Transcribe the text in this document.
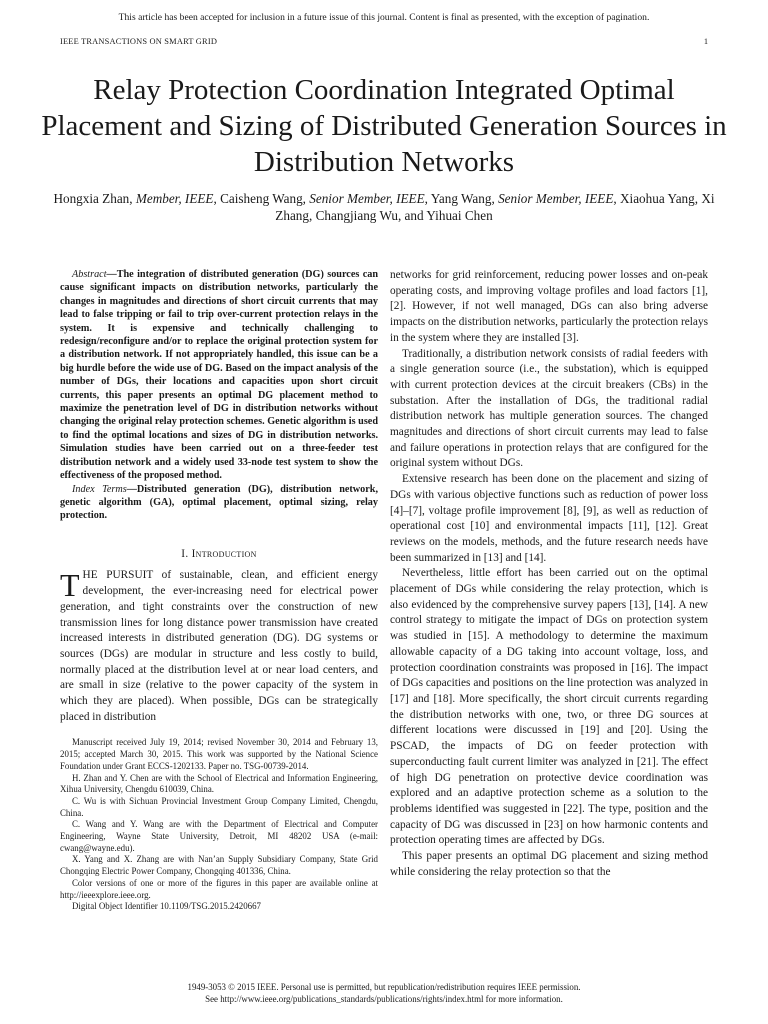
This article has been accepted for inclusion in a future issue of this journal. Content is final as presented, with the exception of pagination.
IEEE TRANSACTIONS ON SMART GRID	1
Relay Protection Coordination Integrated Optimal Placement and Sizing of Distributed Generation Sources in Distribution Networks
Hongxia Zhan, Member, IEEE, Caisheng Wang, Senior Member, IEEE, Yang Wang, Senior Member, IEEE, Xiaohua Yang, Xi Zhang, Changjiang Wu, and Yihuai Chen

Abstract—The integration of distributed generation (DG) sources can cause significant impacts on distribution networks, particularly the changes in magnitudes and directions of short circuit currents that may lead to false tripping or fail to trip over-current protection relays in the system. It is expensive and technically challenging to redesign/reconfigure and/or to replace the original protection system for a distribution network. If not appropriately handled, this issue can be a big hurdle before the wide use of DG. Based on the impact analysis of the number of DGs, their locations and capacities upon short circuit currents, this paper presents an optimal DG placement method to maximize the penetration level of DG in distribution networks without changing the original relay protection schemes. Genetic algorithm is used to find the optimal locations and sizes of DG in distribution networks. Simulation studies have been carried out on a three-feeder test distribution network and a widely used 33-node test system to show the effectiveness of the proposed method.

Index Terms—Distributed generation (DG), distribution network, genetic algorithm (GA), optimal placement, optimal sizing, relay protection.

I. Introduction

THE PURSUIT of sustainable, clean, and efficient energy development, the ever-increasing need for electrical power generation, and tight constraints over the construction of new transmission lines for long distance power transmission have created increased interests in distributed generation (DG). DG systems or sources (DGs) are modular in structure and less costly to build, normally placed at the distribution level at or near load centers, and are small in size (relative to the power capacity of the system in which they are placed). When possible, DGs can be strategically placed in distribution

Manuscript received July 19, 2014; revised November 30, 2014 and February 13, 2015; accepted March 30, 2015. This work was supported by the National Science Foundation under Grant ECCS-1202133. Paper no. TSG-00739-2014.

H. Zhan and Y. Chen are with the School of Electrical and Information Engineering, Xihua University, Chengdu 610039, China.

C. Wu is with Sichuan Provincial Investment Group Company Limited, Chengdu, China.

C. Wang and Y. Wang are with the Department of Electrical and Computer Engineering, Wayne State University, Detroit, MI 48202 USA (e-mail: cwang@wayne.edu).

X. Yang and X. Zhang are with Nan’an Supply Subsidiary Company, State Grid Chongqing Electric Power Company, Chongqing 401336, China.

Color versions of one or more of the figures in this paper are available online at http://ieeexplore.ieee.org.

Digital Object Identifier 10.1109/TSG.2015.2420667

networks for grid reinforcement, reducing power losses and on-peak operating costs, and improving voltage profiles and load factors [1], [2]. However, if not well managed, DGs can also bring adverse impacts on the distribution networks, particularly the protection relays in the system where they are installed [3].

Traditionally, a distribution network consists of radial feeders with a single generation source (i.e., the substation), which is equipped with current protection devices at the circuit breakers (CBs) in the substation. After the installation of DGs, the traditional radial distribution network has multiple generation sources. The changed magnitudes and directions of short circuit currents may lead to false and failure operations in protection relays that are configured for the original system without DGs.

Extensive research has been done on the placement and sizing of DGs with various objective functions such as reduction of power loss [4]–[7], voltage profile improvement [8], [9], as well as reduction of operational cost [10] and environmental impacts [11], [12]. Great reviews on the models, methods, and the future research needs have been summarized in [13] and [14].

Nevertheless, little effort has been carried out on the optimal placement of DGs while considering the relay protection, which is also evidenced by the comprehensive survey papers [13], [14]. A new control strategy to mitigate the impact of DGs on protection system was studied in [15]. A methodology to determine the maximum allowable capacity of a DG taking into account voltage, loss, and protection coordination constraints was proposed in [16]. The impact of DGs capacities and positions on the line protection was analyzed in [17] and [18]. More specifically, the short circuit currents regarding the distribution networks with one, two, or three DG sources at different locations were discussed in [19] and [20]. Using the PSCAD, the impacts of DG on feeder protection with superconducting fault current limiter was analyzed in [21]. The effect of high DG penetration on protective device coordination was explored and an adaptive protection scheme as a solution to the problems identified was suggested in [22]. The type, position and the capacity of DG was discussed in [23] on how harmonic contents and protection operating times are affected by DGs.

This paper presents an optimal DG placement and sizing method while considering the relay protection so that the

1949-3053 © 2015 IEEE. Personal use is permitted, but republication/redistribution requires IEEE permission.
See http://www.ieee.org/publications_standards/publications/rights/index.html for more information.
